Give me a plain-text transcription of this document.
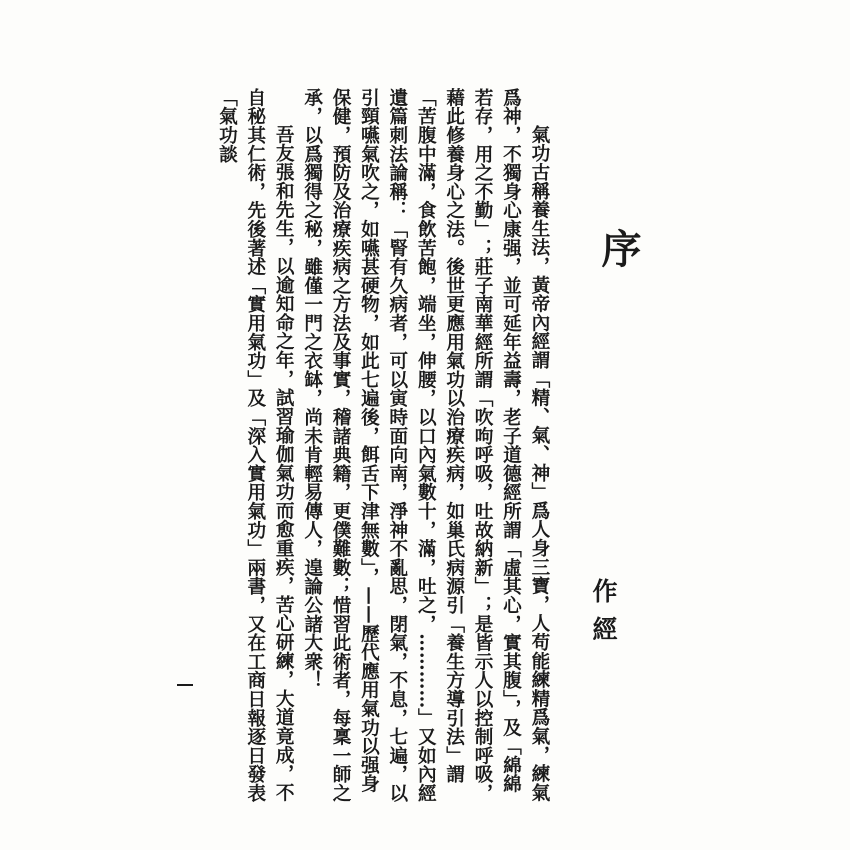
序
作經

氣功古稱養生法，黃帝內經謂「精、氣、神」爲人身三寶，人苟能練精爲氣，練氣爲神，不獨身心康强，並可延年益壽，老子道德經所謂「虛其心，實其腹」，及「綿綿若存，用之不勤」；莊子南華經所謂「吹呴呼吸，吐故納新」；是皆示人以控制呼吸，藉此修養身心之法。後世更應用氣功以治療疾病，如巢氏病源引「養生方導引法」謂「苦腹中滿，食飲苦飽，端坐，伸腰，以口內氣數十，滿，吐之，…………」又如內經遺篇刺法論稱：「腎有久病者，可以寅時面向南，淨神不亂思，閉氣，不息，七遍，以引頸嚥氣吹之，如嚥甚硬物，如此七遍後，餌舌下津無數」，——歷代應用氣功以强身保健，預防及治療疾病之方法及事實，稽諸典籍，更僕難數；惜習此術者，每稟一師之承，以爲獨得之秘，雖僅一門之衣缽，尚未肯輕易傳人，遑論公諸大衆！

吾友張和先生，以逾知命之年，試習瑜伽氣功而愈重疾，苦心研練，大道竟成，不自秘其仁術，先後著述「實用氣功」及「深入實用氣功」兩書，又在工商日報逐日發表「氣功談
